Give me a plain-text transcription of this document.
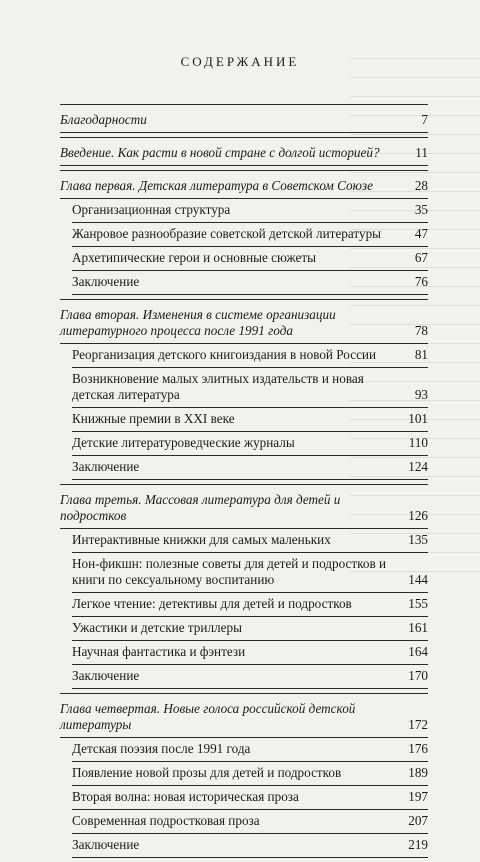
содержание
Благодарности	7
Введение. Как расти в новой стране с долгой историей?	11
Глава первая. Детская литература в Советском Союзе	28
Организационная структура	35
Жанровое разнообразие советской детской литературы	47
Архетипические герои и основные сюжеты	67
Заключение	76
Глава вторая. Изменения в системе организации литературного процесса после 1991 года	78
Реорганизация детского книгоиздания в новой России	81
Возникновение малых элитных издательств и новая детская литература	93
Книжные премии в XXI веке	101
Детские литературоведческие журналы	110
Заключение	124
Глава третья. Массовая литература для детей и подростков	126
Интерактивные книжки для самых маленьких	135
Нон-фикшн: полезные советы для детей и подростков и книги по сексуальному воспитанию	144
Легкое чтение: детективы для детей и подростков	155
Ужастики и детские триллеры	161
Научная фантастика и фэнтези	164
Заключение	170
Глава четвертая. Новые голоса российской детской литературы	172
Детская поэзия после 1991 года	176
Появление новой прозы для детей и подростков	189
Вторая волна: новая историческая проза	197
Современная подростковая проза	207
Заключение	219
